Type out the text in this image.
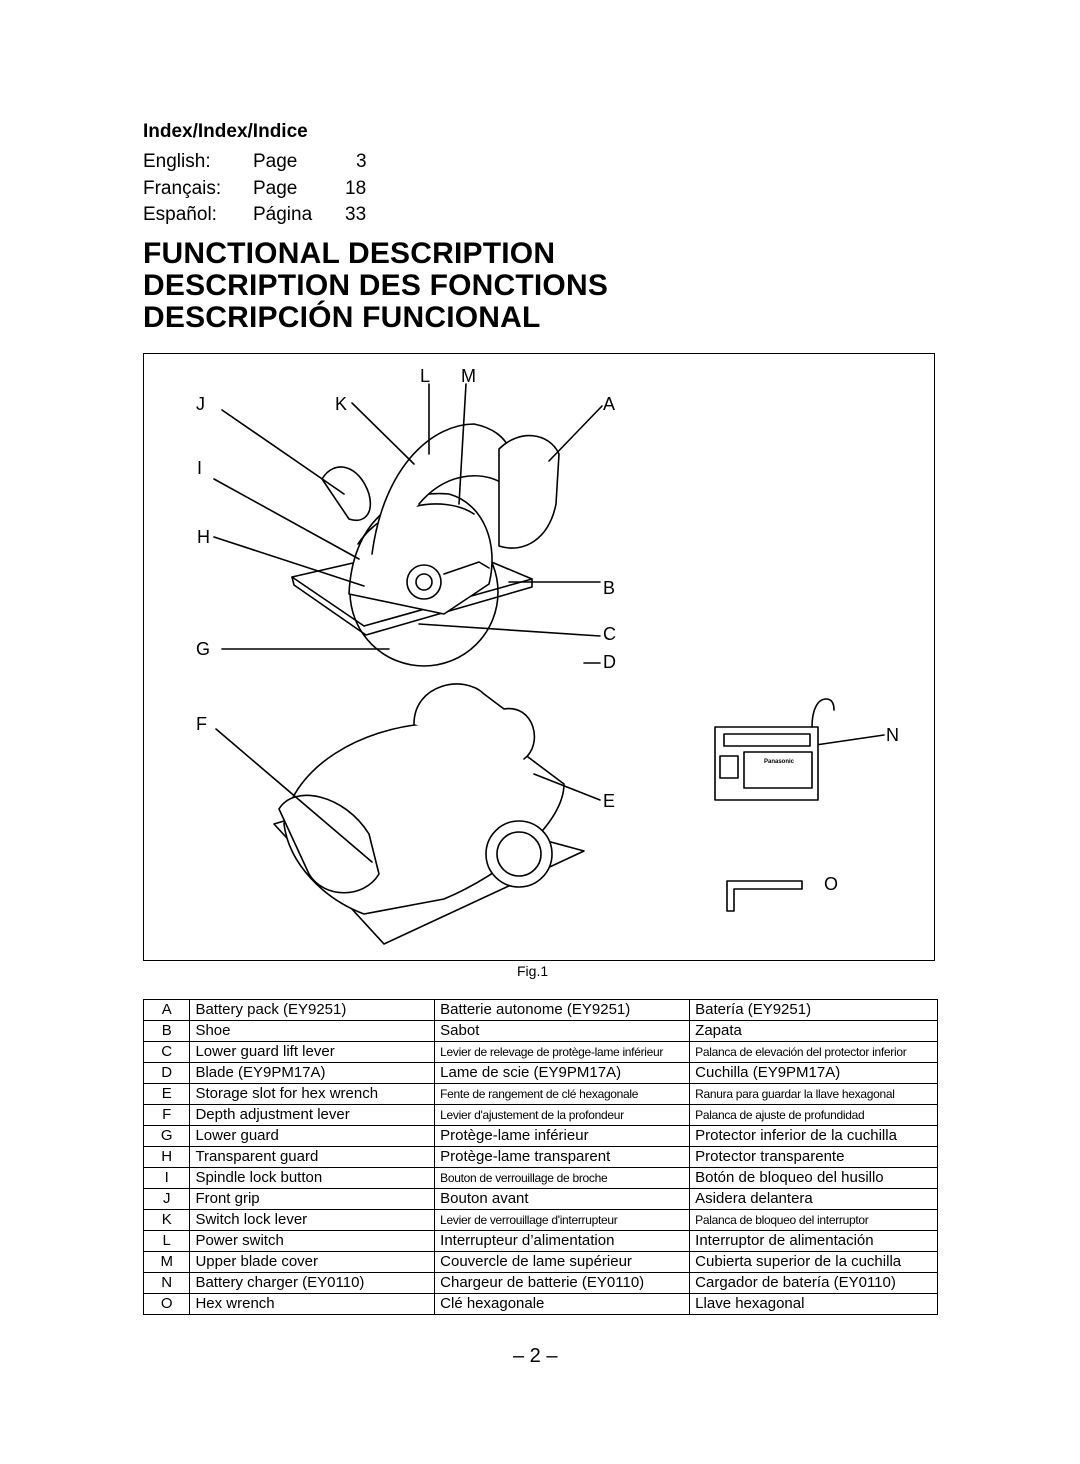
Index/Index/Indice
English: Page	3
Français: Page	18
Español: Página 33
FUNCTIONAL DESCRIPTION
DESCRIPTION DES FONCTIONS
DESCRIPCIÓN FUNCIONAL
Panasonic
L M
J	K	A
I
H
B
C
G
D
F
N
E
O
Fig.1
A	Battery pack (EY9251)	Batterie autonome (EY9251)	Batería (EY9251)
B	Shoe	Sabot	Zapata
C	Lower guard lift lever	Levier de relevage de protège-lame inférieur	Palanca de elevación del protector inferior
D	Blade (EY9PM17A)	Lame de scie (EY9PM17A)	Cuchilla (EY9PM17A)
E	Storage slot for hex wrench	Fente de rangement de clé hexagonale	Ranura para guardar la llave hexagonal
F	Depth adjustment lever	Levier d'ajustement de la profondeur	Palanca de ajuste de profundidad
G	Lower guard	Protège-lame inférieur	Protector inferior de la cuchilla
H	Transparent guard	Protège-lame transparent	Protector transparente
I	Spindle lock button	Bouton de verrouillage de broche	Botón de bloqueo del husillo
J	Front grip	Bouton avant	Asidera delantera
K	Switch lock lever	Levier de verrouillage d'interrupteur	Palanca de bloqueo del interruptor
L	Power switch	Interrupteur d’alimentation	Interruptor de alimentación
M	Upper blade cover	Couvercle de lame supérieur	Cubierta superior de la cuchilla
N	Battery charger (EY0110)	Chargeur de batterie (EY0110)	Cargador de batería (EY0110)
O	Hex wrench	Clé hexagonale	Llave hexagonal
– 2 –
